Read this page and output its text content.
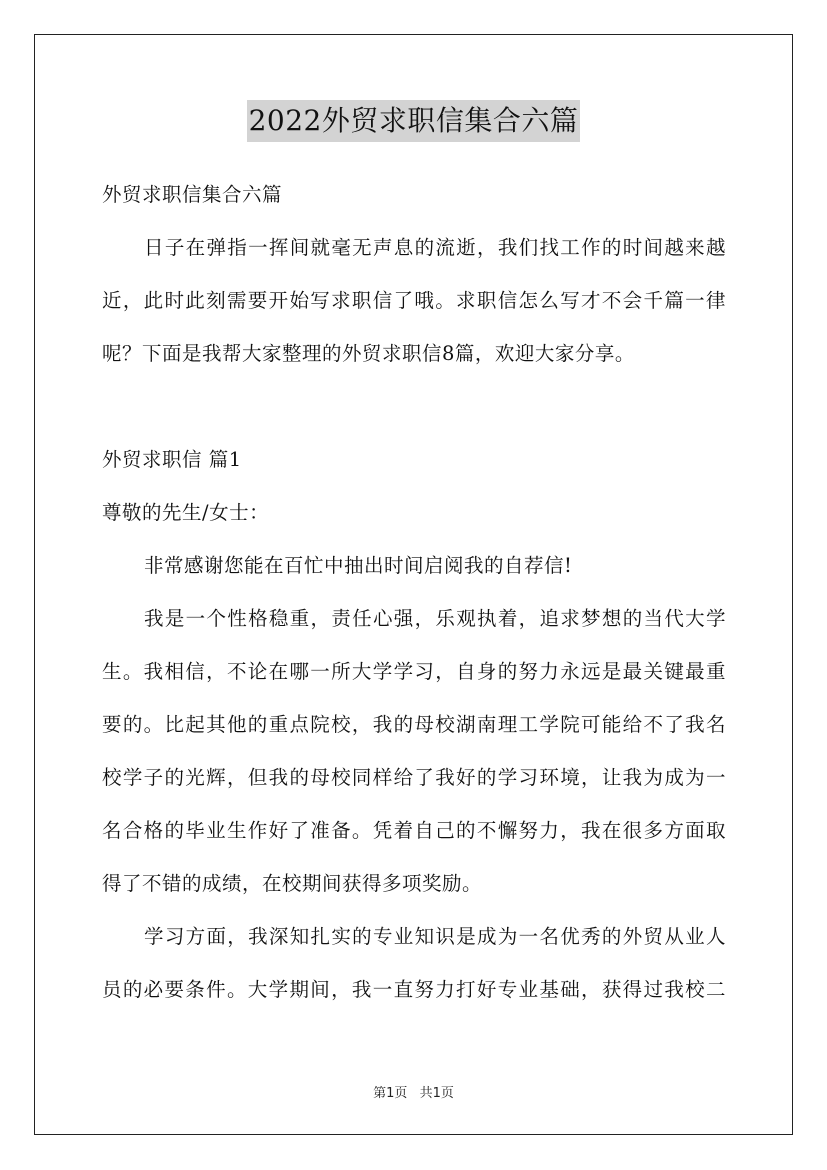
2022外贸求职信集合六篇
外贸求职信集合六篇
日子在弹指一挥间就毫无声息的流逝，我们找工作的时间越来越
近，此时此刻需要开始写求职信了哦。求职信怎么写才不会千篇一律
呢？下面是我帮大家整理的外贸求职信8篇，欢迎大家分享。
外贸求职信 篇1
尊敬的先生/女士：
非常感谢您能在百忙中抽出时间启阅我的自荐信!
我是一个性格稳重，责任心强，乐观执着，追求梦想的当代大学
生。我相信，不论在哪一所大学学习，自身的努力永远是最关键最重
要的。比起其他的重点院校，我的母校湖南理工学院可能给不了我名
校学子的光辉，但我的母校同样给了我好的学习环境，让我为成为一
名合格的毕业生作好了准备。凭着自己的不懈努力，我在很多方面取
得了不错的成绩，在校期间获得多项奖励。
学习方面，我深知扎实的专业知识是成为一名优秀的外贸从业人
员的必要条件。大学期间，我一直努力打好专业基础，获得过我校二
第1页 共1页
